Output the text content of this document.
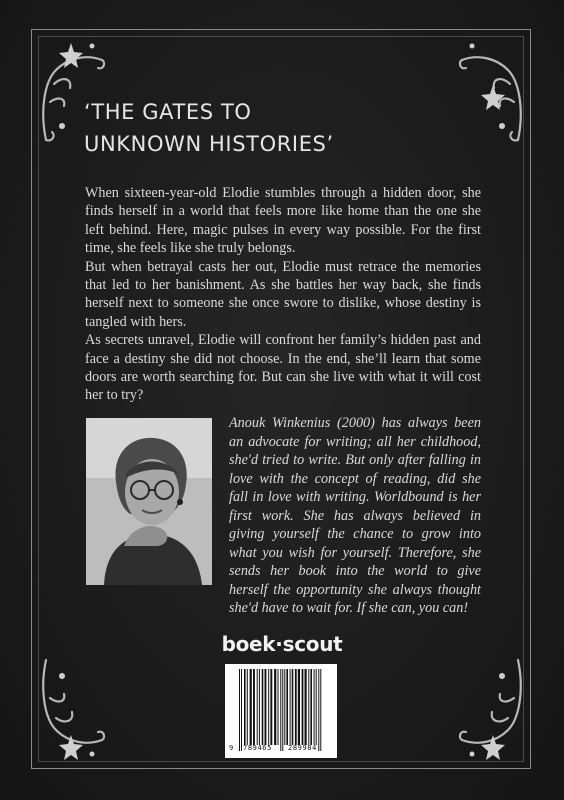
‘THE GATES TO
UNKNOWN HISTORIES’

When sixteen-year-old Elodie stumbles through a hidden door, she finds herself in a world that feels more like home than the one she left behind. Here, magic pulses in every way possible. For the first time, she feels like she truly belongs.

But when betrayal casts her out, Elodie must retrace the memories that led to her banishment. As she battles her way back, she finds herself next to someone she once swore to dislike, whose destiny is tangled with hers.

As secrets unravel, Elodie will confront her family’s hidden past and face a destiny she did not choose. In the end, she’ll learn that some doors are worth searching for. But can she live with what it will cost her to try?

Anouk Winkenius (2000) has always been an advocate for writing; all her childhood, she'd tried to write. But only after falling in love with the concept of reading, did she fall in love with writing. Worldbound is her first work. She has always believed in giving yourself the chance to grow into what you wish for yourself. Therefore, she sends her book into the world to give herself the opportunity she always thought she'd have to wait for. If she can, you can!
boek·scout
9 789465 289984
